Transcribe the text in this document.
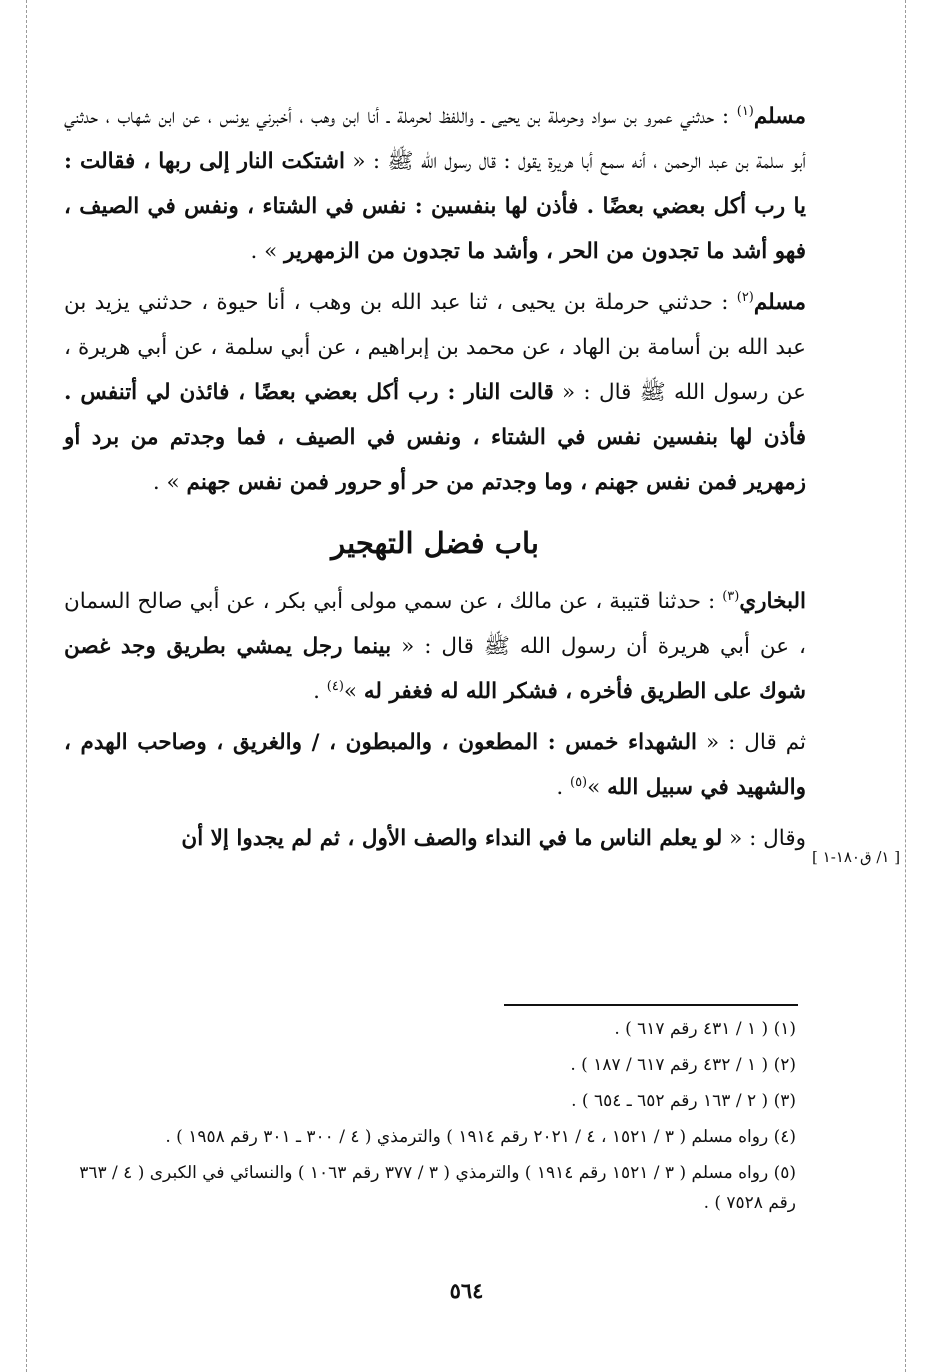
[ ١/ ق١٨٠-١ ]

مسلم$^{(١)}$ : حدثني عمرو بن سواد وحرملة بن يحيى ـ واللفظ لحرملة ـ أنا ابن وهب ، أخبرني يونس ، عن ابن شهاب ، حدثني أبو سلمة بن عبد الرحمن ، أنه سمع أبا هريرة يقول : قال رسول الله ﷺ : « اشتكت النار إلى ربها ، فقالت : يا رب أكل بعضي بعضًا . فأذن لها بنفسين : نفس في الشتاء ، ونفس في الصيف ، فهو أشد ما تجدون من الحر ، وأشد ما تجدون من الزمهرير » .

مسلم$^{(٢)}$ : حدثني حرملة بن يحيى ، ثنا عبد الله بن وهب ، أنا حيوة ، حدثني يزيد بن عبد الله بن أسامة بن الهاد ، عن محمد بن إبراهيم ، عن أبي سلمة ، عن أبي هريرة ، عن رسول الله ﷺ قال : « قالت النار : رب أكل بعضي بعضًا ، فائذن لي أتنفس . فأذن لها بنفسين نفس في الشتاء ، ونفس في الصيف ، فما وجدتم من برد أو زمهرير فمن نفس جهنم ، وما وجدتم من حر أو حرور فمن نفس جهنم » .

باب فضل التهجير

البخاري$^{(٣)}$ : حدثنا قتيبة ، عن مالك ، عن سمي مولى أبي بكر ، عن أبي صالح السمان ، عن أبي هريرة أن رسول الله ﷺ قال : « بينما رجل يمشي بطريق وجد غصن شوك على الطريق فأخره ، فشكر الله له فغفر له »$^{(٤)}$ .

ثم قال : « الشهداء خمس : المطعون ، والمبطون ، / والغريق ، وصاحب الهدم ، والشهيد في سبيل الله »$^{(٥)}$ .

وقال : « لو يعلم الناس ما في النداء والصف الأول ، ثم لم يجدوا إلا أن

(١) ( ١ / ٤٣١ رقم ٦١٧ ) .
(٢) ( ١ / ٤٣٢ رقم ٦١٧ / ١٨٧ ) .
(٣) ( ٢ / ١٦٣ رقم ٦٥٢ ـ ٦٥٤ ) .
(٤) رواه مسلم ( ٣ / ١٥٢١ ، ٤ / ٢٠٢١ رقم ١٩١٤ ) والترمذي ( ٤ / ٣٠٠ ـ ٣٠١ رقم ١٩٥٨ ) .
(٥) رواه مسلم ( ٣ / ١٥٢١ رقم ١٩١٤ ) والترمذي ( ٣ / ٣٧٧ رقم ١٠٦٣ ) والنسائي في الكبرى ( ٤ / ٣٦٣ رقم ٧٥٢٨ ) .
٥٦٤
